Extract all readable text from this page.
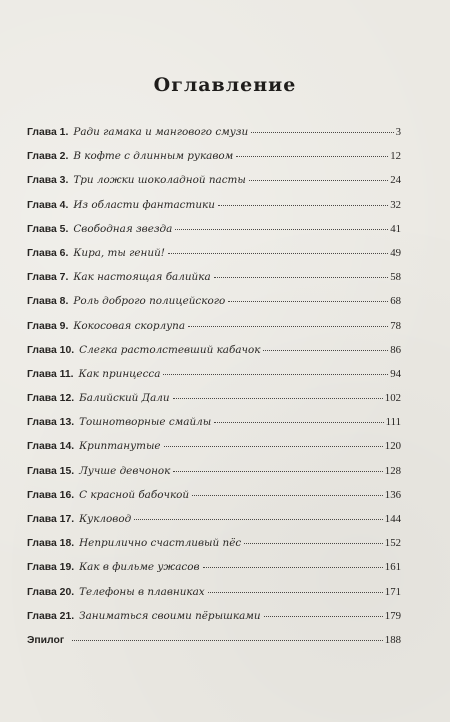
Оглавление
Глава 1. Ради гамака и мангового смузи	3
Глава 2. В кофте с длинным рукавом	12
Глава 3. Три ложки шоколадной пасты	24
Глава 4. Из области фантастики	32
Глава 5. Свободная звезда	41
Глава 6. Кира, ты гений!	49
Глава 7. Как настоящая балийка	58
Глава 8. Роль доброго полицейского	68
Глава 9. Кокосовая скорлупа	78
Глава 10. Слегка растолстевший кабачок	86
Глава 11. Как принцесса	94
Глава 12. Балийский Дали	102
Глава 13. Тошнотворные смайлы	111
Глава 14. Криптанутые	120
Глава 15. Лучше девчонок	128
Глава 16. С красной бабочкой	136
Глава 17. Кукловод	144
Глава 18. Неприлично счастливый пёс	152
Глава 19. Как в фильме ужасов	161
Глава 20. Телефоны в плавниках	171
Глава 21. Заниматься своими пёрышками	179
Эпилог	188
